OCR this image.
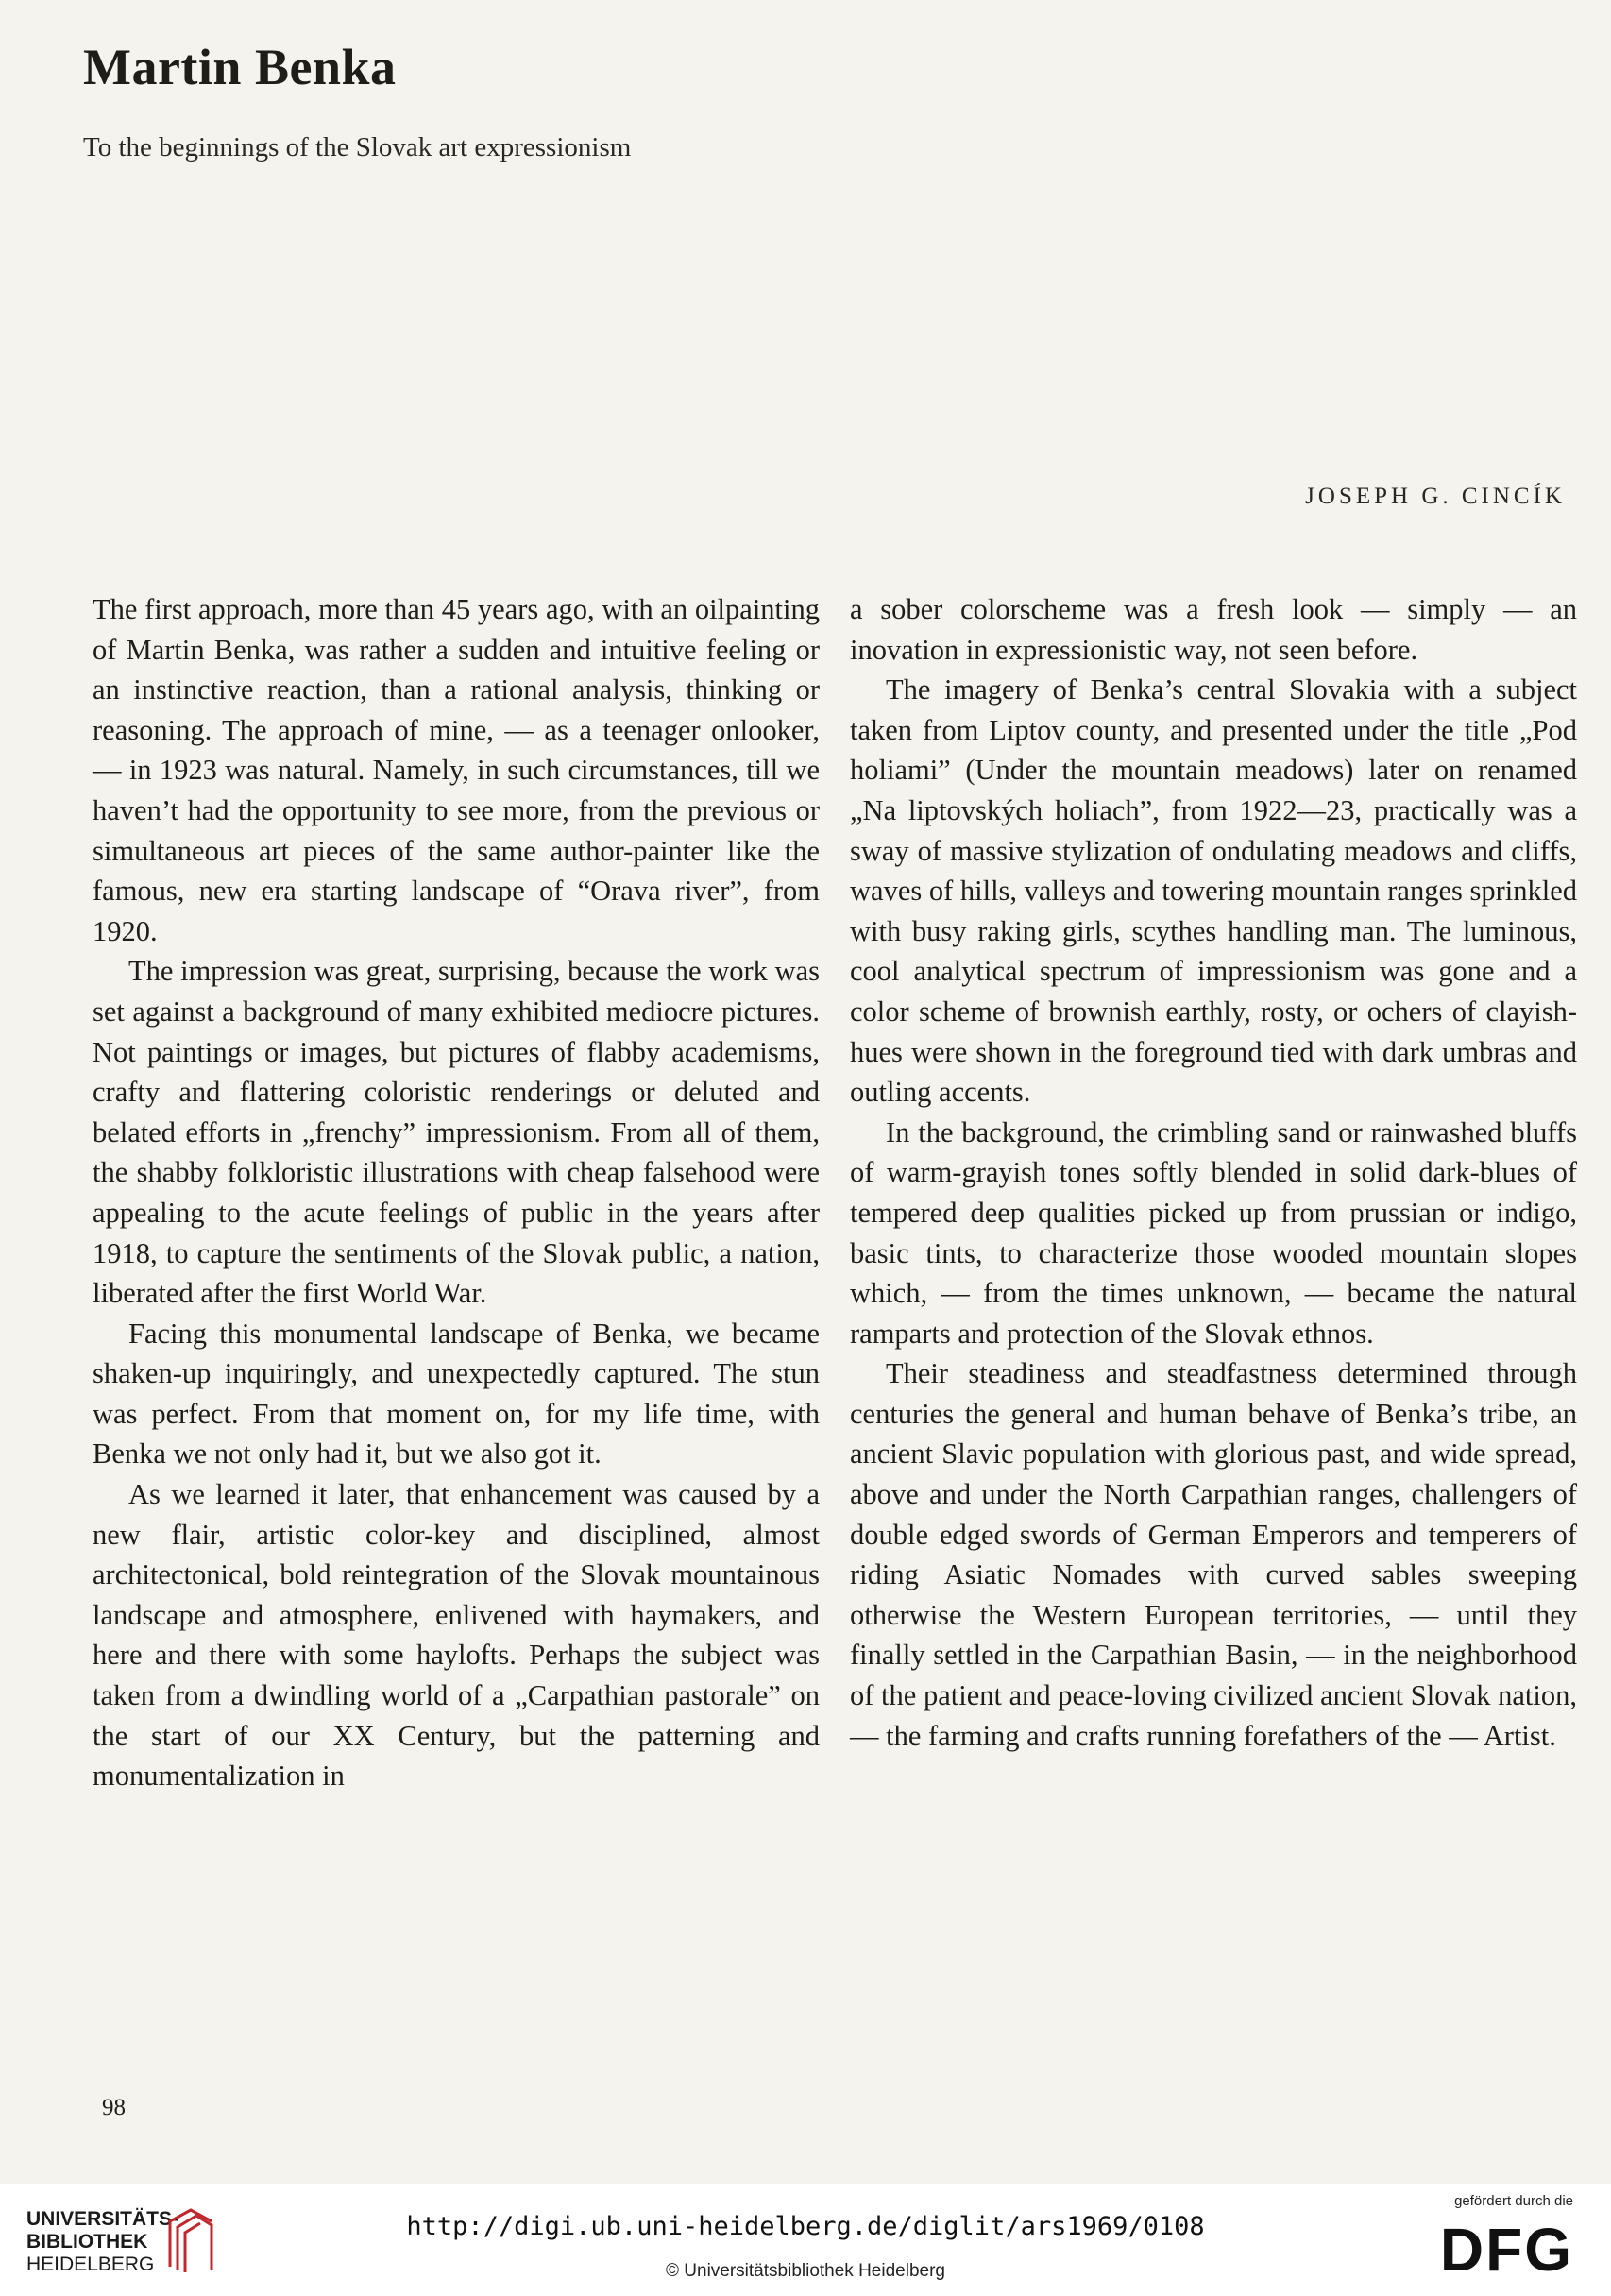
Martin Benka

To the beginnings of the Slovak art expressionism

JOSEPH G. CINCÍK

The first approach, more than 45 years ago, with an oilpainting of Martin Benka, was rather a sudden and intuitive feeling or an instinctive reaction, than a rational analysis, thinking or reasoning. The approach of mine, — as a teenager onlooker, — in 1923 was natural. Namely, in such circumstances, till we haven’t had the opportunity to see more, from the previous or simultaneous art pieces of the same author-painter like the famous, new era starting landscape of “Orava river”, from 1920.

The impression was great, surprising, because the work was set against a background of many exhibited mediocre pictures. Not paintings or images, but pictures of flabby academisms, crafty and flattering coloristic renderings or deluted and belated efforts in „frenchy” impressionism. From all of them, the shabby folkloristic illustrations with cheap falsehood were appealing to the acute feelings of public in the years after 1918, to capture the sentiments of the Slovak public, a nation, liberated after the first World War.

Facing this monumental landscape of Benka, we became shaken-up inquiringly, and unexpectedly captured. The stun was perfect. From that moment on, for my life time, with Benka we not only had it, but we also got it.

As we learned it later, that enhancement was caused by a new flair, artistic color-key and disciplined, almost architectonical, bold reintegration of the Slovak mountainous landscape and atmosphere, enlivened with haymakers, and here and there with some haylofts. Perhaps the subject was taken from a dwindling world of a „Carpathian pastorale” on the start of our XX Century, but the patterning and monumentalization in

a sober colorscheme was a fresh look — simply — an inovation in expressionistic way, not seen before.

The imagery of Benka’s central Slovakia with a subject taken from Liptov county, and presented under the title „Pod holiami” (Under the mountain meadows) later on renamed „Na liptovských holiach”, from 1922—23, practically was a sway of massive stylization of ondulating meadows and cliffs, waves of hills, valleys and towering mountain ranges sprinkled with busy raking girls, scythes handling man. The luminous, cool analytical spectrum of impressionism was gone and a color scheme of brownish earthly, rosty, or ochers of clayish-hues were shown in the foreground tied with dark umbras and outling accents.

In the background, the crimbling sand or rainwashed bluffs of warm-grayish tones softly blended in solid dark-blues of tempered deep qualities picked up from prussian or indigo, basic tints, to characterize those wooded mountain slopes which, — from the times unknown, — became the natural ramparts and protection of the Slovak ethnos.

Their steadiness and steadfastness determined through centuries the general and human behave of Benka’s tribe, an ancient Slavic population with glorious past, and wide spread, above and under the North Carpathian ranges, challengers of double edged swords of German Emperors and temperers of riding Asiatic Nomades with curved sables sweeping otherwise the Western European territories, — until they finally settled in the Carpathian Basin, — in the neighborhood of the patient and peace-loving civilized ancient Slovak nation, — the farming and crafts running forefathers of the — Artist.

98
UNIVERSITÄTS-
BIBLIOTHEK
HEIDELBERG
http://digi.ub.uni-heidelberg.de/diglit/ars1969/0108
© Universitätsbibliothek Heidelberg
gefördert durch die
DFG
